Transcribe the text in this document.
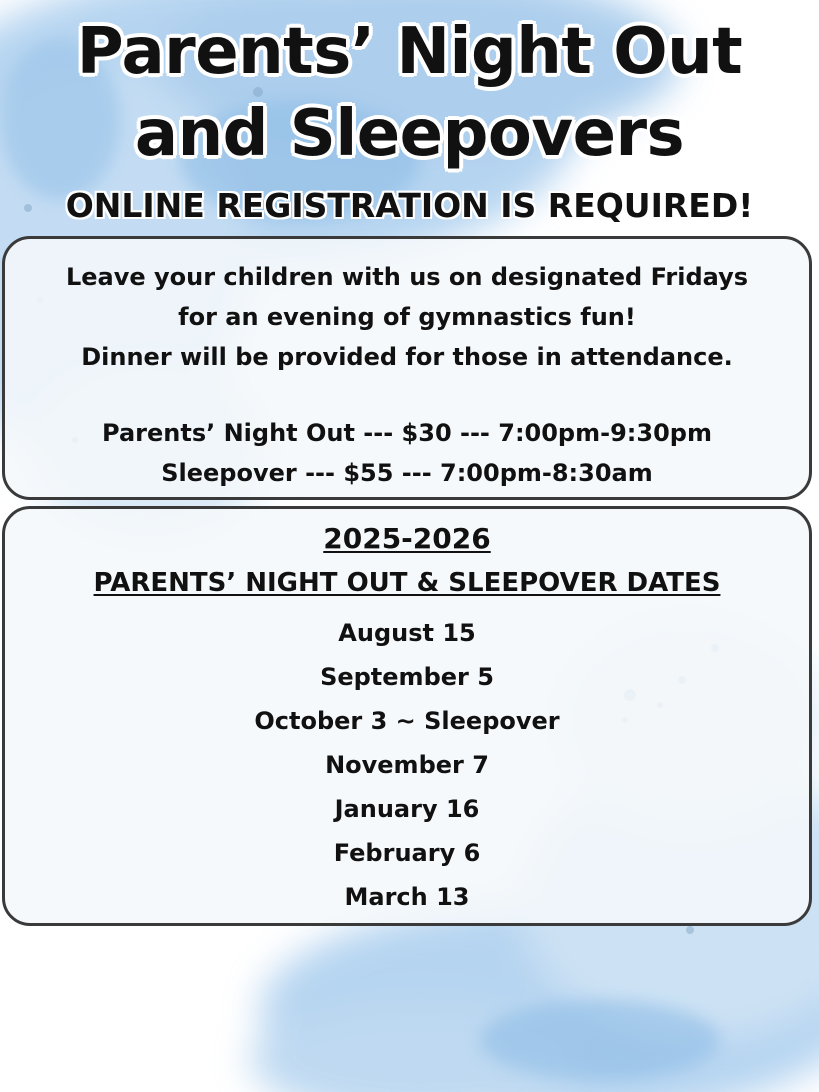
Parents’ Night Out
and Sleepovers
ONLINE REGISTRATION IS REQUIRED!
Leave your children with us on designated Fridays
for an evening of gymnastics fun!
Dinner will be provided for those in attendance.
Parents’ Night Out --- $30 --- 7:00pm-9:30pm
Sleepover --- $55 --- 7:00pm-8:30am
2025-2026
PARENTS’ NIGHT OUT & SLEEPOVER DATES
August 15
September 5
October 3 ~ Sleepover
November 7
January 16
February 6
March 13
